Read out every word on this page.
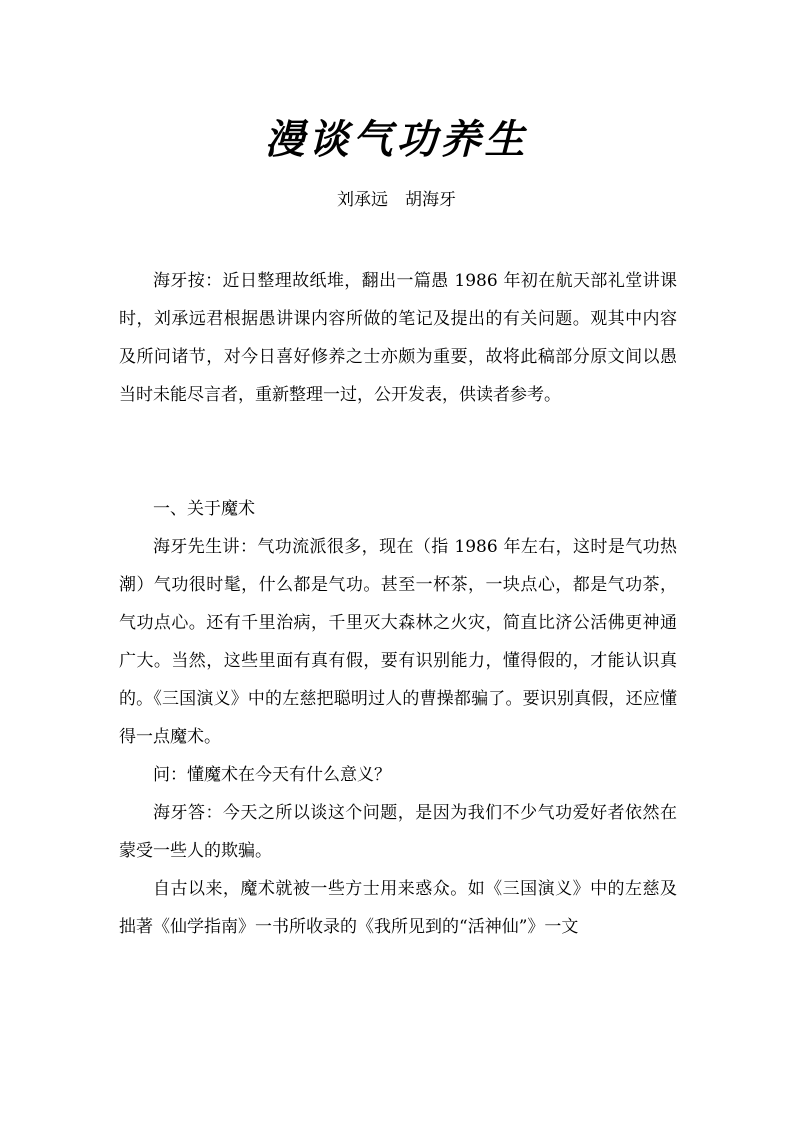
漫谈气功养生
刘承远　胡海牙

海牙按：近日整理故纸堆，翻出一篇愚 1986 年初在航天部礼堂讲课时，刘承远君根据愚讲课内容所做的笔记及提出的有关问题。观其中内容及所问诸节，对今日喜好修养之士亦颇为重要，故将此稿部分原文间以愚当时未能尽言者，重新整理一过，公开发表，供读者参考。

一、关于魔术

海牙先生讲：气功流派很多，现在（指 1986 年左右，这时是气功热潮）气功很时髦，什么都是气功。甚至一杯茶，一块点心，都是气功茶，气功点心。还有千里治病，千里灭大森林之火灾，简直比济公活佛更神通广大。当然，这些里面有真有假，要有识别能力，懂得假的，才能认识真的。《三国演义》中的左慈把聪明过人的曹操都骗了。要识别真假，还应懂得一点魔术。

问：懂魔术在今天有什么意义？

海牙答：今天之所以谈这个问题，是因为我们不少气功爱好者依然在蒙受一些人的欺骗。

自古以来，魔术就被一些方士用来惑众。如《三国演义》中的左慈及拙著《仙学指南》一书所收录的《我所见到的“活神仙”》一文
